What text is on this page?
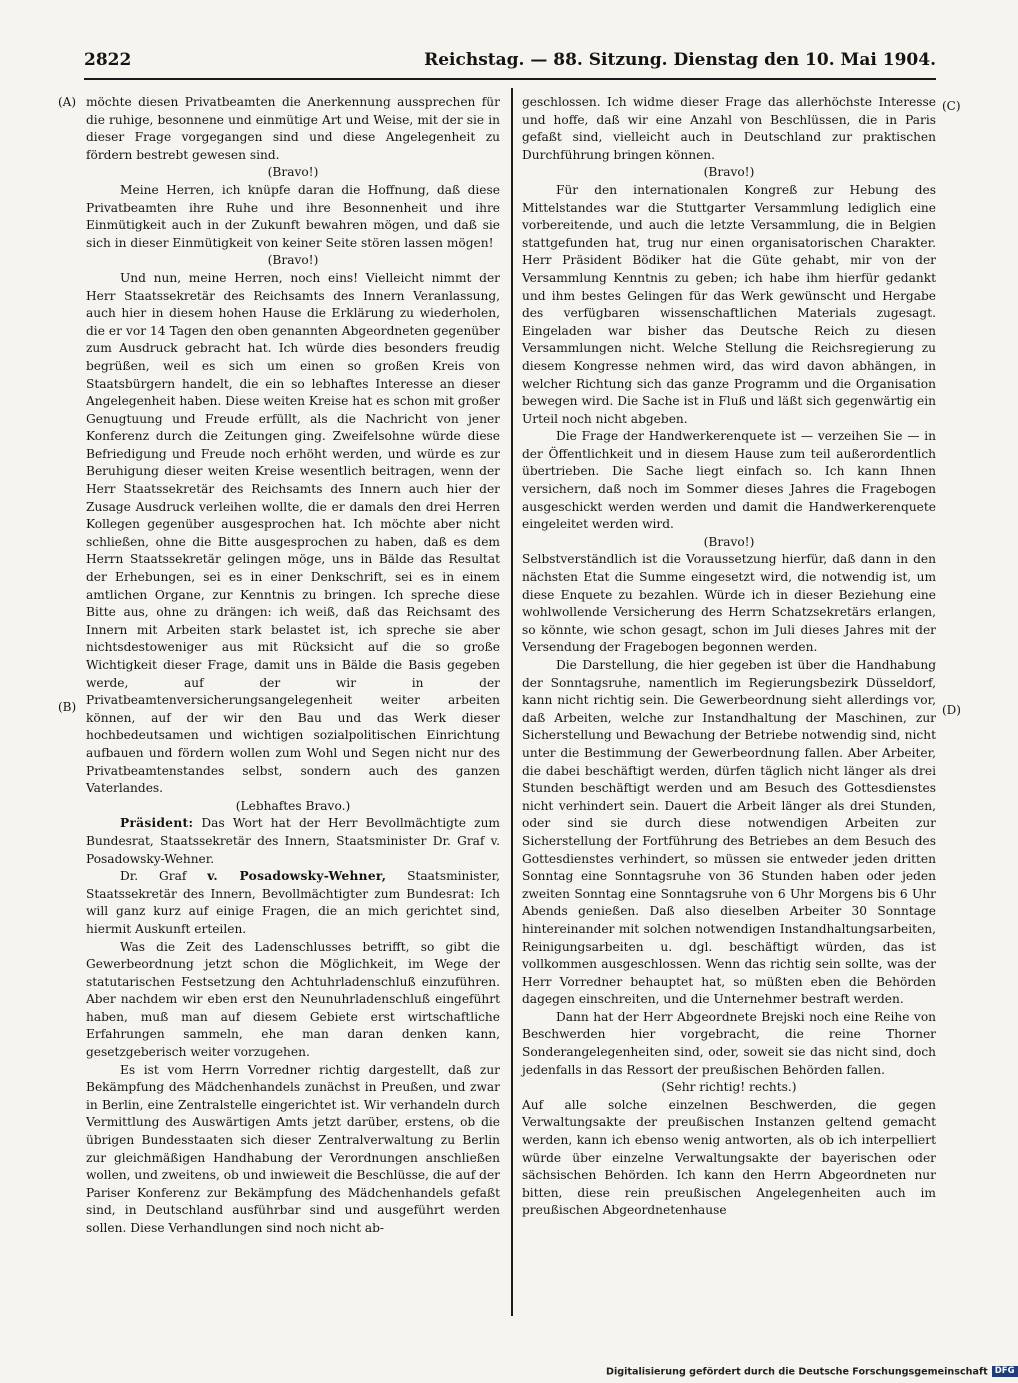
2822	Reichstag. — 88. Sitzung. Dienstag den 10. Mai 1904.
(A)
(B)
(C)
(D)

möchte diesen Privatbeamten die Anerkennung aussprechen für die ruhige, besonnene und einmütige Art und Weise, mit der sie in dieser Frage vorgegangen sind und diese Angelegenheit zu fördern bestrebt gewesen sind.

(Bravo!)

Meine Herren, ich knüpfe daran die Hoffnung, daß diese Privatbeamten ihre Ruhe und ihre Besonnenheit und ihre Einmütigkeit auch in der Zukunft bewahren mögen, und daß sie sich in dieser Einmütigkeit von keiner Seite stören lassen mögen!

(Bravo!)

Und nun, meine Herren, noch eins! Vielleicht nimmt der Herr Staatssekretär des Reichsamts des Innern Veranlassung, auch hier in diesem hohen Hause die Erklärung zu wiederholen, die er vor 14 Tagen den oben genannten Abgeordneten gegenüber zum Ausdruck gebracht hat. Ich würde dies besonders freudig begrüßen, weil es sich um einen so großen Kreis von Staatsbürgern handelt, die ein so lebhaftes Interesse an dieser Angelegenheit haben. Diese weiten Kreise hat es schon mit großer Genugtuung und Freude erfüllt, als die Nachricht von jener Konferenz durch die Zeitungen ging. Zweifelsohne würde diese Befriedigung und Freude noch erhöht werden, und würde es zur Beruhigung dieser weiten Kreise wesentlich beitragen, wenn der Herr Staatssekretär des Reichsamts des Innern auch hier der Zusage Ausdruck verleihen wollte, die er damals den drei Herren Kollegen gegenüber ausgesprochen hat. Ich möchte aber nicht schließen, ohne die Bitte ausgesprochen zu haben, daß es dem Herrn Staatssekretär gelingen möge, uns in Bälde das Resultat der Erhebungen, sei es in einer Denkschrift, sei es in einem amtlichen Organe, zur Kenntnis zu bringen. Ich spreche diese Bitte aus, ohne zu drängen: ich weiß, daß das Reichsamt des Innern mit Arbeiten stark belastet ist, ich spreche sie aber nichtsdestoweniger aus mit Rücksicht auf die so große Wichtigkeit dieser Frage, damit uns in Bälde die Basis gegeben werde, auf der wir in der Privatbeamtenversicherungsangelegenheit weiter arbeiten können, auf der wir den Bau und das Werk dieser hochbedeutsamen und wichtigen sozialpolitischen Einrichtung aufbauen und fördern wollen zum Wohl und Segen nicht nur des Privatbeamtenstandes selbst, sondern auch des ganzen Vaterlandes.

(Lebhaftes Bravo.)

Präsident: Das Wort hat der Herr Bevollmächtigte zum Bundesrat, Staatssekretär des Innern, Staatsminister Dr. Graf v. Posadowsky-Wehner.

Dr. Graf v. Posadowsky-Wehner, Staatsminister, Staatssekretär des Innern, Bevollmächtigter zum Bundesrat: Ich will ganz kurz auf einige Fragen, die an mich gerichtet sind, hiermit Auskunft erteilen.

Was die Zeit des Ladenschlusses betrifft, so gibt die Gewerbeordnung jetzt schon die Möglichkeit, im Wege der statutarischen Festsetzung den Achtuhrladenschluß einzuführen. Aber nachdem wir eben erst den Neunuhrladenschluß eingeführt haben, muß man auf diesem Gebiete erst wirtschaftliche Erfahrungen sammeln, ehe man daran denken kann, gesetzgeberisch weiter vorzugehen.

Es ist vom Herrn Vorredner richtig dargestellt, daß zur Bekämpfung des Mädchenhandels zunächst in Preußen, und zwar in Berlin, eine Zentralstelle eingerichtet ist. Wir verhandeln durch Vermittlung des Auswärtigen Amts jetzt darüber, erstens, ob die übrigen Bundesstaaten sich dieser Zentralverwaltung zu Berlin zur gleichmäßigen Handhabung der Verordnungen anschließen wollen, und zweitens, ob und inwieweit die Beschlüsse, die auf der Pariser Konferenz zur Bekämpfung des Mädchenhandels gefaßt sind, in Deutschland ausführbar sind und ausgeführt werden sollen. Diese Verhandlungen sind noch nicht ab-

geschlossen. Ich widme dieser Frage das allerhöchste Interesse und hoffe, daß wir eine Anzahl von Beschlüssen, die in Paris gefaßt sind, vielleicht auch in Deutschland zur praktischen Durchführung bringen können.

(Bravo!)

Für den internationalen Kongreß zur Hebung des Mittelstandes war die Stuttgarter Versammlung lediglich eine vorbereitende, und auch die letzte Versammlung, die in Belgien stattgefunden hat, trug nur einen organisatorischen Charakter. Herr Präsident Bödiker hat die Güte gehabt, mir von der Versammlung Kenntnis zu geben; ich habe ihm hierfür gedankt und ihm bestes Gelingen für das Werk gewünscht und Hergabe des verfügbaren wissenschaftlichen Materials zugesagt. Eingeladen war bisher das Deutsche Reich zu diesen Versammlungen nicht. Welche Stellung die Reichsregierung zu diesem Kongresse nehmen wird, das wird davon abhängen, in welcher Richtung sich das ganze Programm und die Organisation bewegen wird. Die Sache ist in Fluß und läßt sich gegenwärtig ein Urteil noch nicht abgeben.

Die Frage der Handwerkerenquete ist — verzeihen Sie — in der Öffentlichkeit und in diesem Hause zum teil außerordentlich übertrieben. Die Sache liegt einfach so. Ich kann Ihnen versichern, daß noch im Sommer dieses Jahres die Fragebogen ausgeschickt werden werden und damit die Handwerkerenquete eingeleitet werden wird.

(Bravo!)

Selbstverständlich ist die Voraussetzung hierfür, daß dann in den nächsten Etat die Summe eingesetzt wird, die notwendig ist, um diese Enquete zu bezahlen. Würde ich in dieser Beziehung eine wohlwollende Versicherung des Herrn Schatzsekretärs erlangen, so könnte, wie schon gesagt, schon im Juli dieses Jahres mit der Versendung der Fragebogen begonnen werden.

Die Darstellung, die hier gegeben ist über die Handhabung der Sonntagsruhe, namentlich im Regierungsbezirk Düsseldorf, kann nicht richtig sein. Die Gewerbeordnung sieht allerdings vor, daß Arbeiten, welche zur Instandhaltung der Maschinen, zur Sicherstellung und Bewachung der Betriebe notwendig sind, nicht unter die Bestimmung der Gewerbeordnung fallen. Aber Arbeiter, die dabei beschäftigt werden, dürfen täglich nicht länger als drei Stunden beschäftigt werden und am Besuch des Gottesdienstes nicht verhindert sein. Dauert die Arbeit länger als drei Stunden, oder sind sie durch diese notwendigen Arbeiten zur Sicherstellung der Fortführung des Betriebes an dem Besuch des Gottesdienstes verhindert, so müssen sie entweder jeden dritten Sonntag eine Sonntagsruhe von 36 Stunden haben oder jeden zweiten Sonntag eine Sonntagsruhe von 6 Uhr Morgens bis 6 Uhr Abends genießen. Daß also dieselben Arbeiter 30 Sonntage hintereinander mit solchen notwendigen Instandhaltungsarbeiten, Reinigungsarbeiten u. dgl. beschäftigt würden, das ist vollkommen ausgeschlossen. Wenn das richtig sein sollte, was der Herr Vorredner behauptet hat, so müßten eben die Behörden dagegen einschreiten, und die Unternehmer bestraft werden.

Dann hat der Herr Abgeordnete Brejski noch eine Reihe von Beschwerden hier vorgebracht, die reine Thorner Sonderangelegenheiten sind, oder, soweit sie das nicht sind, doch jedenfalls in das Ressort der preußischen Behörden fallen.

(Sehr richtig! rechts.)

Auf alle solche einzelnen Beschwerden, die gegen Verwaltungsakte der preußischen Instanzen geltend gemacht werden, kann ich ebenso wenig antworten, als ob ich interpelliert würde über einzelne Verwaltungsakte der bayerischen oder sächsischen Behörden. Ich kann den Herrn Abgeordneten nur bitten, diese rein preußischen Angelegenheiten auch im preußischen Abgeordnetenhause

Digitalisierung gefördert durch die Deutsche Forschungsgemeinschaft DFG
